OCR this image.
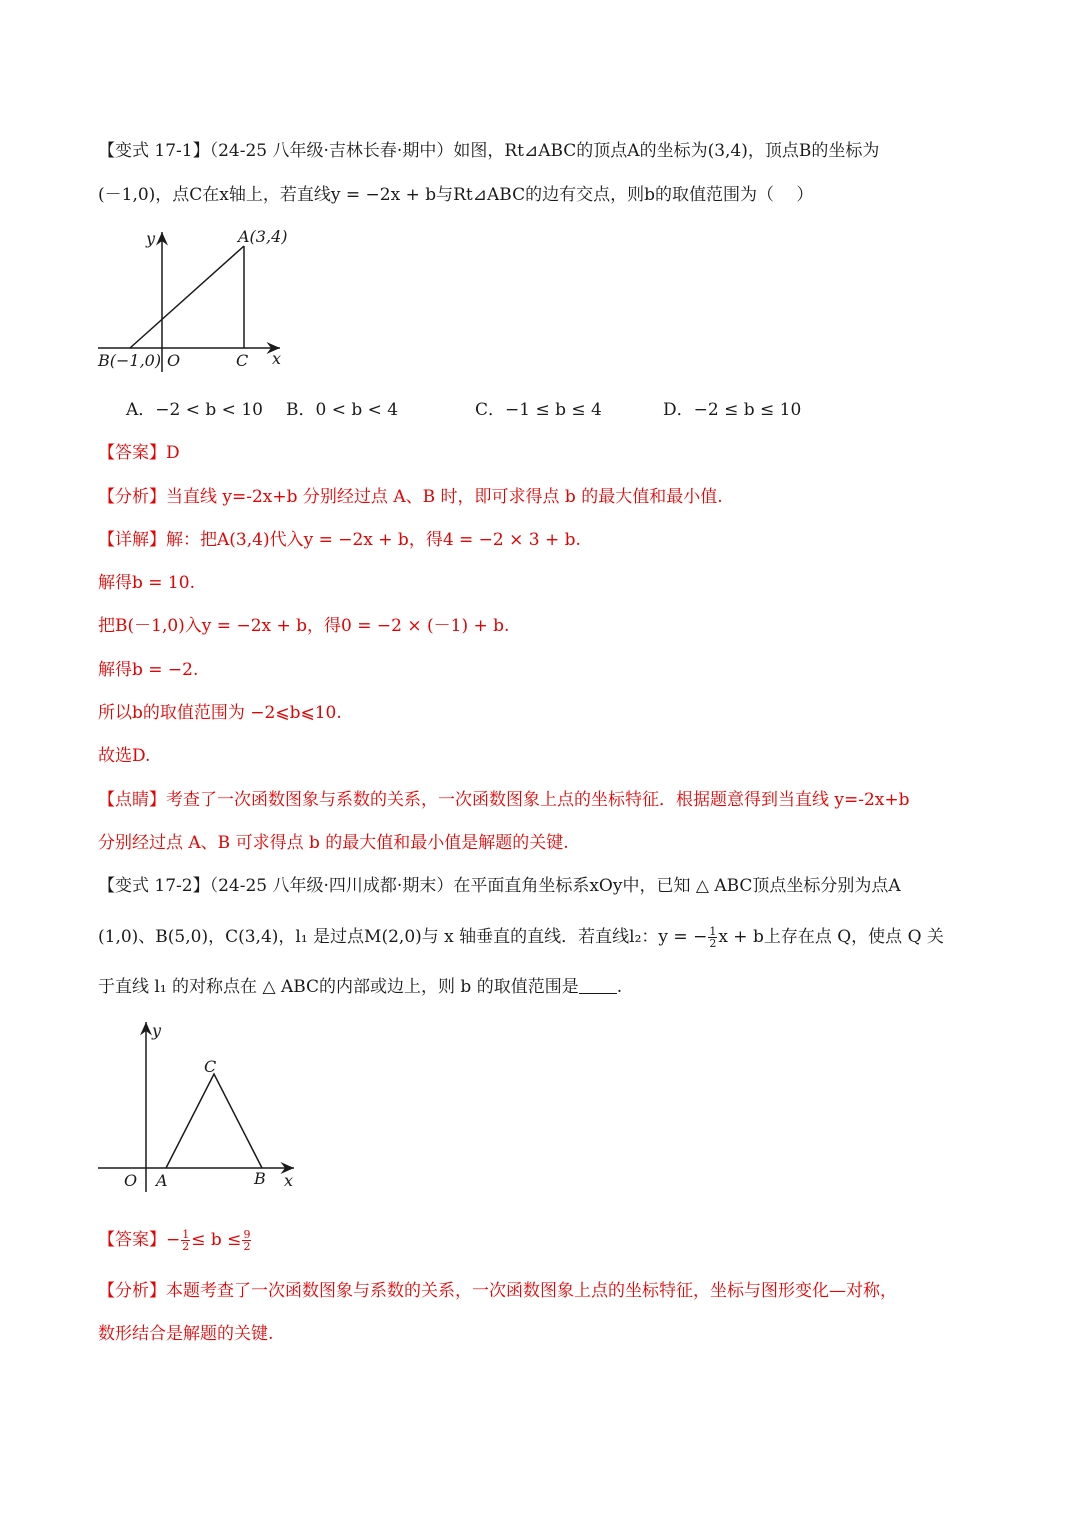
【变式 17-1】（24-25 八年级·吉林长春·期中）如图，Rt⊿ABC的顶点A的坐标为(3,4)，顶点B的坐标为
(－1,0)，点C在x轴上，若直线y = −2x + b与Rt⊿ABC的边有交点，则b的取值范围为（　 ）
y	A(3,4)
B(−1,0) O	C x
A．−2 < b < 10 B．0 < b < 4	C．−1 ≤ b ≤ 4	D．−2 ≤ b ≤ 10
【答案】D
【分析】当直线 y=-2x+b 分别经过点 A、B 时，即可求得点 b 的最大值和最小值.
【详解】解：把A(3,4)代入y = −2x + b，得4 = −2 × 3 + b.
解得b = 10.
把B(－1,0)入y = −2x + b，得0 = −2 × (－1) + b.
解得b = −2.
所以b的取值范围为 −2⩽b⩽10.
故选D.
【点睛】考查了一次函数图象与系数的关系，一次函数图象上点的坐标特征．根据题意得到当直线 y=-2x+b
分别经过点 A、B 可求得点 b 的最大值和最小值是解题的关键.
【变式 17-2】（24-25 八年级·四川成都·期末）在平面直角坐标系xOy中，已知 △ ABC顶点坐标分别为点A
(1,0)、B(5,0)，C(3,4)，l₁ 是过点M(2,0)与 x 轴垂直的直线．若直线l₂：y = − $\frac{1}{2}$ x + b上存在点 Q，使点 Q 关
于直线 l₁ 的对称点在 △ ABC的内部或边上，则 b 的取值范围是 .
y
C
O A	B x
【答案】− $\frac{1}{2} \le b \le \frac{9}{2}$
【分析】本题考查了一次函数图象与系数的关系，一次函数图象上点的坐标特征，坐标与图形变化—对称，
数形结合是解题的关键.
